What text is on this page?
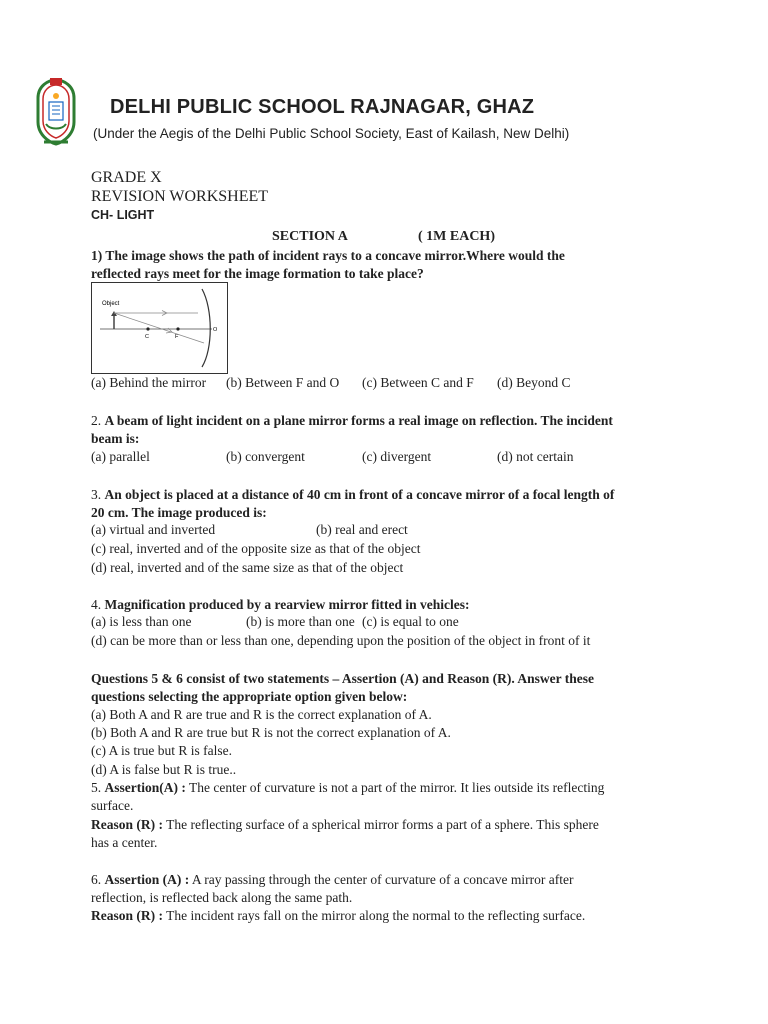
DELHI PUBLIC SCHOOL RAJNAGAR, GHAZ
(Under the Aegis of the Delhi Public School Society, East of Kailash, New Delhi)
GRADE X
REVISION WORKSHEET
CH- LIGHT
SECTION A	( 1M EACH)
1) The image shows the path of incident rays to a concave mirror.Where would the
reflected rays meet for the image formation to take place?
Object
C	F
O
(a) Behind the mirror (b) Between F and O (c) Between C and F (d) Beyond C
2. A beam of light incident on a plane mirror forms a real image on reflection. The incident
beam is:
(a) parallel	(b) convergent	(c) divergent	(d) not certain
3. An object is placed at a distance of 40 cm in front of a concave mirror of a focal length of
20 cm. The image produced is:
(a) virtual and inverted	(b) real and erect
(c) real, inverted and of the opposite size as that of the object
(d) real, inverted and of the same size as that of the object
4. Magnification produced by a rearview mirror fitted in vehicles:
(a) is less than one	(b) is more than one (c) is equal to one
(d) can be more than or less than one, depending upon the position of the object in front of it
Questions 5 & 6 consist of two statements – Assertion (A) and Reason (R). Answer these
questions selecting the appropriate option given below:
(a) Both A and R are true and R is the correct explanation of A.
(b) Both A and R are true but R is not the correct explanation of A.
(c) A is true but R is false.
(d) A is false but R is true..
5. Assertion(A) : The center of curvature is not a part of the mirror. It lies outside its reflecting
surface.
Reason (R) : The reflecting surface of a spherical mirror forms a part of a sphere. This sphere
has a center.
6. Assertion (A) : A ray passing through the center of curvature of a concave mirror after
reflection, is reflected back along the same path.
Reason (R) : The incident rays fall on the mirror along the normal to the reflecting surface.
